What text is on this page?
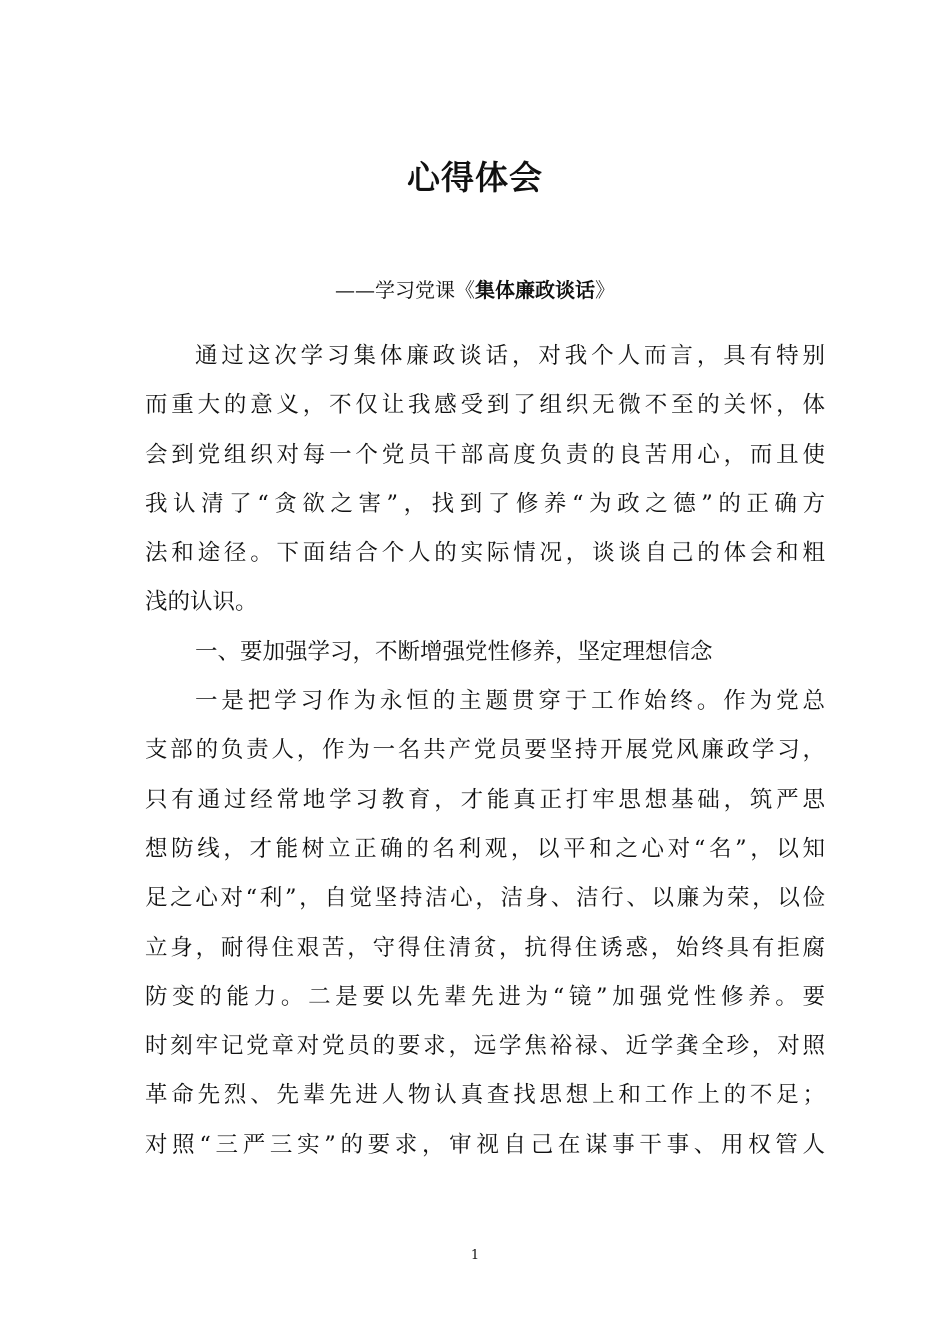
心得体会

——学习党课《集体廉政谈话》

通过这次学习集体廉政谈话，对我个人而言，具有特别
而重大的意义，不仅让我感受到了组织无微不至的关怀，体
会到党组织对每一个党员干部高度负责的良苦用心，而且使
我认清了“贪欲之害”，找到了修养“为政之德”的正确方
法和途径。下面结合个人的实际情况，谈谈自己的体会和粗
浅的认识。
一、要加强学习，不断增强党性修养，坚定理想信念
一是把学习作为永恒的主题贯穿于工作始终。作为党总
支部的负责人，作为一名共产党员要坚持开展党风廉政学习，
只有通过经常地学习教育，才能真正打牢思想基础，筑严思
想防线，才能树立正确的名利观，以平和之心对“名”，以知
足之心对“利”，自觉坚持洁心，洁身、洁行、以廉为荣，以俭
立身，耐得住艰苦，守得住清贫，抗得住诱惑，始终具有拒腐
防变的能力。二是要以先辈先进为“镜”加强党性修养。要
时刻牢记党章对党员的要求，远学焦裕禄、近学龚全珍，对照
革命先烈、先辈先进人物认真查找思想上和工作上的不足；
对照“三严三实”的要求，审视自己在谋事干事、用权管人
1
